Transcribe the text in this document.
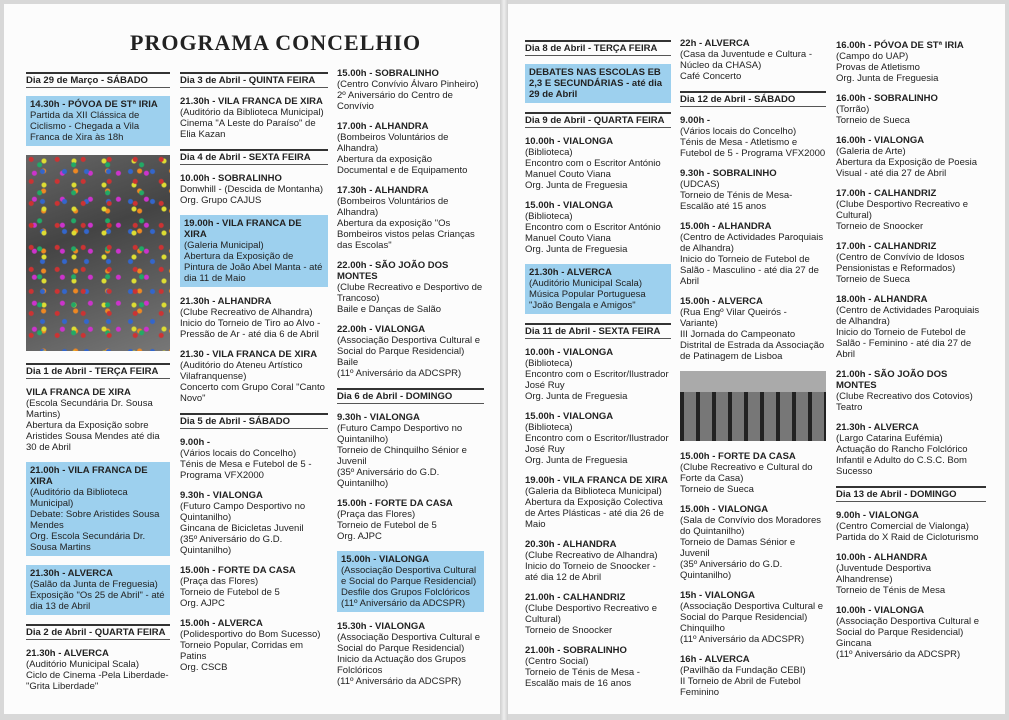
PROGRAMA CONCELHIO
Dia 29 de Março - SÁBADO
14.30h - PÓVOA DE STª IRIA
Partida da XII Clássica de Ciclismo - Chegada a Vila Franca de Xira às 18h
Dia 1 de Abril - TERÇA FEIRA
VILA FRANCA DE XIRA
(Escola Secundária Dr. Sousa Martins)
Abertura da Exposição sobre Aristides Sousa Mendes até dia 30 de Abril
21.00h - VILA FRANCA DE XIRA
(Auditório da Biblioteca Municipal)
Debate: Sobre Aristides Sousa Mendes
Org. Escola Secundária Dr. Sousa Martins
21.30h - ALVERCA
(Salão da Junta de Freguesia)
Exposição "Os 25 de Abril" - até dia 13 de Abril
Dia 2 de Abril - QUARTA FEIRA
21.30h - ALVERCA
(Auditório Municipal Scala)
Ciclo de Cinema -Pela Liberdade- "Grita Liberdade"
Dia 3 de Abril - QUINTA FEIRA
21.30h - VILA FRANCA DE XIRA
(Auditório da Biblioteca Municipal)
Cinema "A Leste do Paraíso" de Elia Kazan
Dia 4 de Abril - SEXTA FEIRA
10.00h - SOBRALINHO
Donwhill - (Descida de Montanha)
Org. Grupo CAJUS
19.00h - VILA FRANCA DE XIRA
(Galeria Municipal)
Abertura da Exposição de Pintura de João Abel Manta - até dia 11 de Maio
21.30h - ALHANDRA
(Clube Recreativo de Alhandra)
Inicio do Torneio de Tiro ao Alvo - Pressão de Ar - até dia 6 de Abril
21.30 - VILA FRANCA DE XIRA
(Auditório do Ateneu Artístico Vilafranquense)
Concerto com Grupo Coral "Canto Novo"
Dia 5 de Abril - SÁBADO
9.00h -
(Vários locais do Concelho)
Ténis de Mesa e Futebol de 5 - Programa VFX2000
9.30h - VIALONGA
(Futuro Campo Desportivo no Quintanilho)
Gincana de Bicicletas Juvenil
(35º Aniversário do G.D. Quintanilho)
15.00h - FORTE DA CASA
(Praça das Flores)
Torneio de Futebol de 5
Org. AJPC
15.00h - ALVERCA
(Polidesportivo do Bom Sucesso)
Torneio Popular, Corridas em Patins
Org. CSCB
15.00h - SOBRALINHO
(Centro Convívio Álvaro Pinheiro)
2º Aniversário do Centro de Convívio
17.00h - ALHANDRA
(Bombeiros Voluntários de Alhandra)
Abertura da exposição Documental e de Equipamento
17.30h - ALHANDRA
(Bombeiros Voluntários de Alhandra)
Abertura da exposição "Os Bombeiros vistos pelas Crianças das Escolas"
22.00h - SÃO JOÃO DOS MONTES
(Clube Recreativo e Desportivo de Trancoso)
Baile e Danças de Salão
22.00h - VIALONGA
(Associação Desportiva Cultural e Social do Parque Residencial)
Baile
(11º Aniversário da ADCSPR)
Dia 6 de Abril - DOMINGO
9.30h - VIALONGA
(Futuro Campo Desportivo no Quintanilho)
Torneio de Chinquilho Sénior e Juvenil
(35º Aniversário do G.D. Quintanilho)
15.00h - FORTE DA CASA
(Praça das Flores)
Torneio de Futebol de 5
Org. AJPC
15.00h - VIALONGA
(Associação Desportiva Cultural e Social do Parque Residencial)
Desfile dos Grupos Folclóricos
(11º Aniversário da ADCSPR)
15.30h - VIALONGA
(Associação Desportiva Cultural e Social do Parque Residencial)
Inicio da Actuação dos Grupos Folclóricos
(11º Aniversário da ADCSPR)
Dia 8 de Abril - TERÇA FEIRA
DEBATES NAS ESCOLAS EB 2,3 E SECUNDÁRIAS - até dia 29 de Abril
Dia 9 de Abril - QUARTA FEIRA
10.00h - VIALONGA
(Biblioteca)
Encontro com o Escritor António Manuel Couto Viana
Org. Junta de Freguesia
15.00h - VIALONGA
(Biblioteca)
Encontro com o Escritor António Manuel Couto Viana
Org. Junta de Freguesia
21.30h - ALVERCA
(Auditório Municipal Scala)
Música Popular Portuguesa "João Bengala e Amigos"
Dia 11 de Abril - SEXTA FEIRA
10.00h - VIALONGA
(Biblioteca)
Encontro com o Escritor/Ilustrador José Ruy
Org. Junta de Freguesia
15.00h - VIALONGA
(Biblioteca)
Encontro com o Escritor/Ilustrador José Ruy
Org. Junta de Freguesia
19.00h - VILA FRANCA DE XIRA
(Galeria da Biblioteca Municipal)
Abertura da Exposição Colectiva de Artes Plásticas - até dia 26 de Maio
20.30h - ALHANDRA
(Clube Recreativo de Alhandra)
Inicio do Torneio de Snoocker - até dia 12 de Abril
21.00h - CALHANDRIZ
(Clube Desportivo Recreativo e Cultural)
Torneio de Snoocker
21.00h - SOBRALINHO
(Centro Social)
Torneio de Ténis de Mesa - Escalão mais de 16 anos
22h - ALVERCA
(Casa da Juventude e Cultura - Núcleo da CHASA)
Café Concerto
Dia 12 de Abril - SÁBADO
9.00h -
(Vários locais do Concelho)
Ténis de Mesa - Atletismo e Futebol de 5 - Programa VFX2000
9.30h - SOBRALINHO
(UDCAS)
Torneio de Ténis de Mesa- Escalão até 15 anos
15.00h - ALHANDRA
(Centro de Actividades Paroquiais de Alhandra)
Inicio do Torneio de Futebol de Salão - Masculino - até dia 27 de Abril
15.00h - ALVERCA
(Rua Engº Vilar Queirós - Variante)
III Jornada do Campeonato Distrital de Estrada da Associação de Patinagem de Lisboa
15.00h - FORTE DA CASA
(Clube Recreativo e Cultural do Forte da Casa)
Torneio de Sueca
15.00h - VIALONGA
(Sala de Convívio dos Moradores do Quintanilho)
Torneio de Damas Sénior e Juvenil
(35º Aniversário do G.D. Quintanilho)
15h - VIALONGA
(Associação Desportiva Cultural e Social do Parque Residencial)
Chinquilho
(11º Aniversário da ADCSPR)
16h - ALVERCA
(Pavilhão da Fundação CEBI)
II Torneio de Abril de Futebol Feminino
16.00h - PÓVOA DE STª IRIA
(Campo do UAP)
Provas de Atletismo
Org. Junta de Freguesia
16.00h - SOBRALINHO
(Torrão)
Torneio de Sueca
16.00h - VIALONGA
(Galeria de Arte)
Abertura da Exposição de Poesia Visual - até dia 27 de Abril
17.00h - CALHANDRIZ
(Clube Desportivo Recreativo e Cultural)
Torneio de Snoocker
17.00h - CALHANDRIZ
(Centro de Convívio de Idosos Pensionistas e Reformados)
Torneio de Sueca
18.00h - ALHANDRA
(Centro de Actividades Paroquiais de Alhandra)
Inicio do Torneio de Futebol de Salão - Feminino - até dia 27 de Abril
21.00h - SÃO JOÃO DOS MONTES
(Clube Recreativo dos Cotovios)
Teatro
21.30h - ALVERCA
(Largo Catarina Eufémia)
Actuação do Rancho Folclórico Infantil e Adulto do C.S.C. Bom Sucesso
Dia 13 de Abril - DOMINGO
9.00h - VIALONGA
(Centro Comercial de Vialonga)
Partida do X Raid de Cicloturismo
10.00h - ALHANDRA
(Juventude Desportiva Alhandrense)
Torneio de Ténis de Mesa
10.00h - VIALONGA
(Associação Desportiva Cultural e Social do Parque Residencial)
Gincana
(11º Aniversário da ADCSPR)
